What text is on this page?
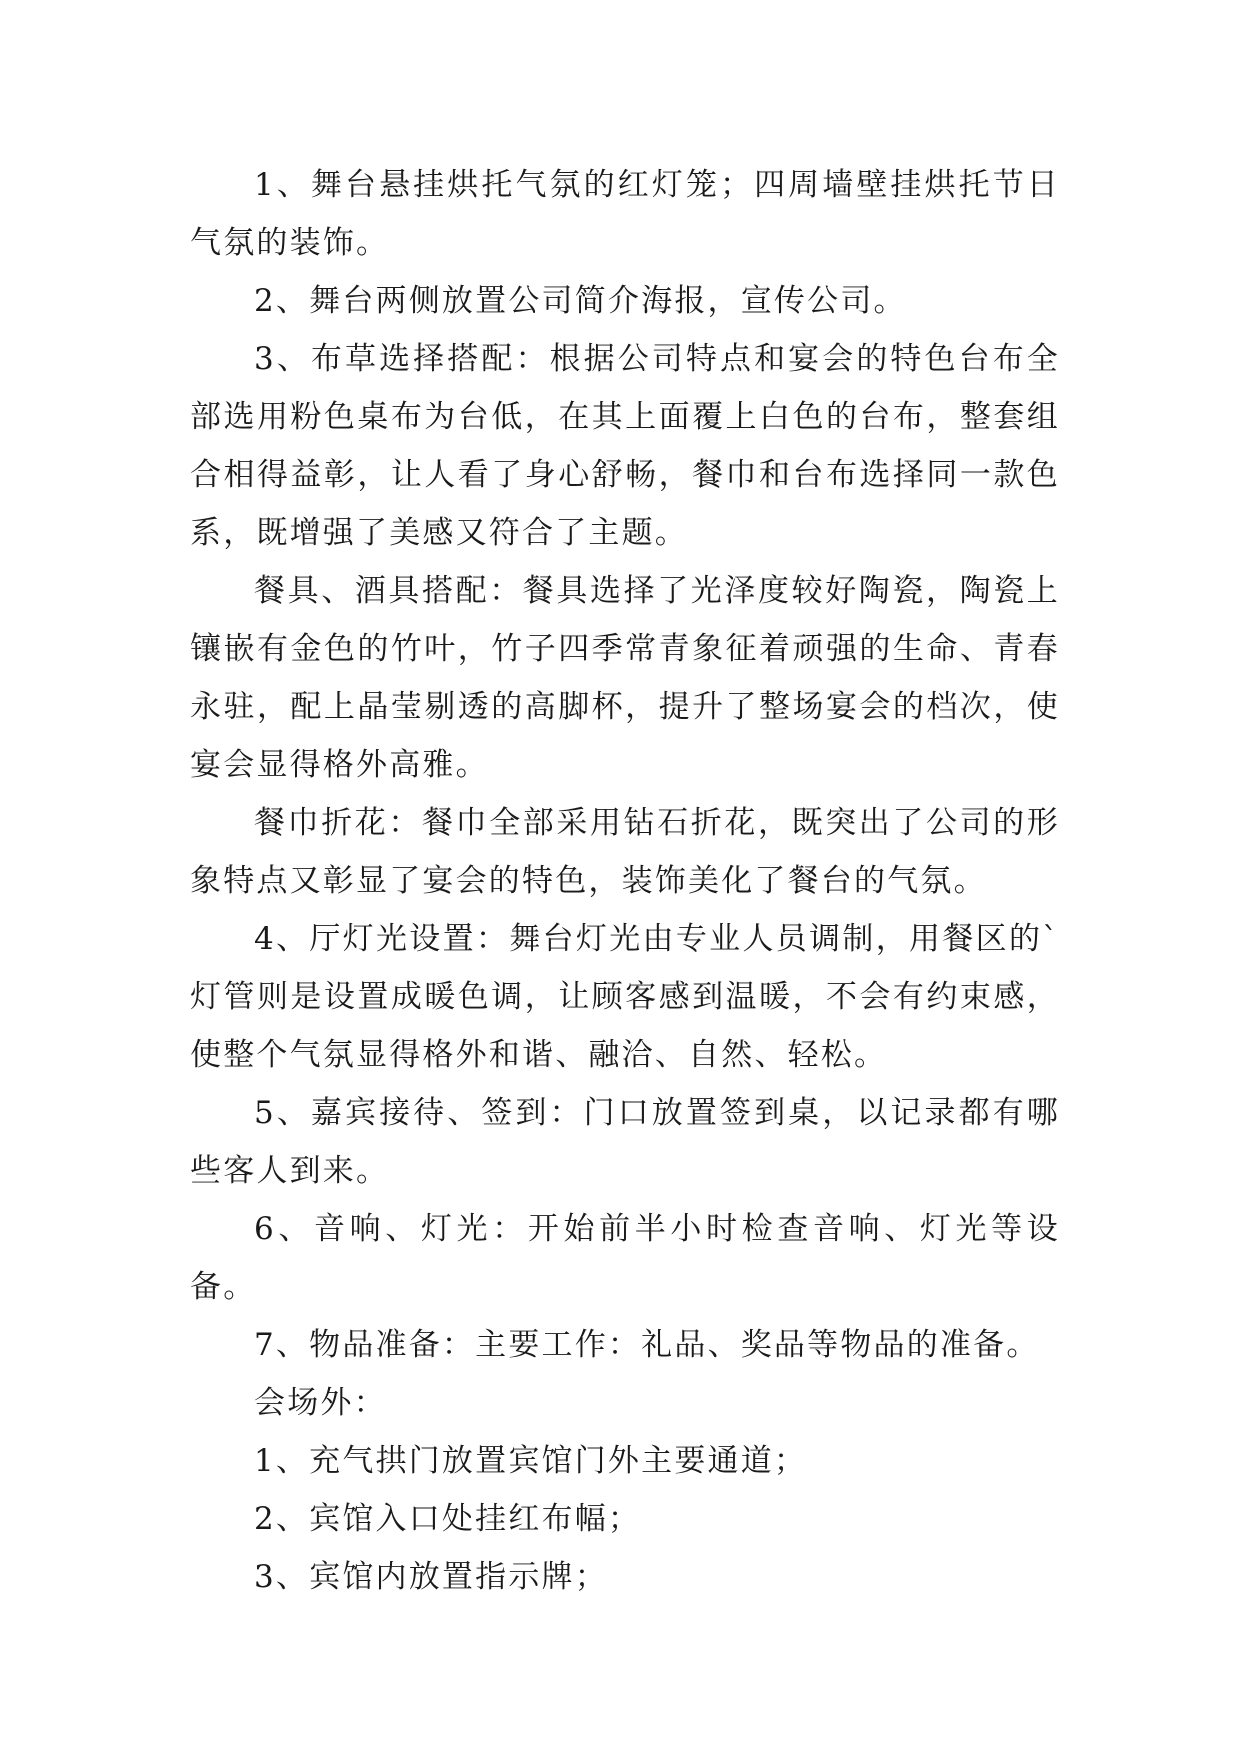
1、舞台悬挂烘托气氛的红灯笼；四周墙壁挂烘托节日气氛的装饰。

2、舞台两侧放置公司简介海报，宣传公司。

3、布草选择搭配：根据公司特点和宴会的特色台布全部选用粉色桌布为台低，在其上面覆上白色的台布，整套组合相得益彰，让人看了身心舒畅，餐巾和台布选择同一款色系，既增强了美感又符合了主题。

餐具、酒具搭配：餐具选择了光泽度较好陶瓷，陶瓷上镶嵌有金色的竹叶，竹子四季常青象征着顽强的生命、青春永驻，配上晶莹剔透的高脚杯，提升了整场宴会的档次，使宴会显得格外高雅。

餐巾折花：餐巾全部采用钻石折花，既突出了公司的形象特点又彰显了宴会的特色，装饰美化了餐台的气氛。

4、厅灯光设置：舞台灯光由专业人员调制，用餐区的`灯管则是设置成暖色调，让顾客感到温暖，不会有约束感，使整个气氛显得格外和谐、融洽、自然、轻松。

5、嘉宾接待、签到：门口放置签到桌，以记录都有哪些客人到来。

6、音响、灯光：开始前半小时检查音响、灯光等设备。

7、物品准备：主要工作：礼品、奖品等物品的准备。

会场外：

1、充气拱门放置宾馆门外主要通道；

2、宾馆入口处挂红布幅；

3、宾馆内放置指示牌；
